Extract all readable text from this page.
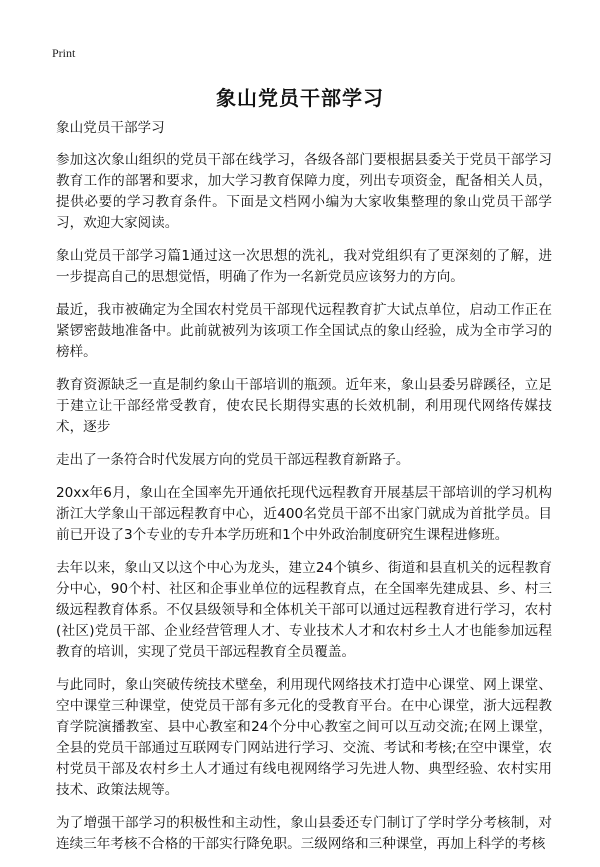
Print
象山党员干部学习

象山党员干部学习

参加这次象山组织的党员干部在线学习，各级各部门要根据县委关于党员干部学习教育工作的部署和要求，加大学习教育保障力度，列出专项资金，配备相关人员，提供必要的学习教育条件。下面是文档网小编为大家收集整理的象山党员干部学习，欢迎大家阅读。

象山党员干部学习篇1通过这一次思想的洗礼，我对党组织有了更深刻的了解，进一步提高自己的思想觉悟，明确了作为一名新党员应该努力的方向。

最近，我市被确定为全国农村党员干部现代远程教育扩大试点单位，启动工作正在紧锣密鼓地准备中。此前就被列为该项工作全国试点的象山经验，成为全市学习的榜样。

教育资源缺乏一直是制约象山干部培训的瓶颈。近年来，象山县委另辟蹊径，立足于建立让干部经常受教育，使农民长期得实惠的长效机制，利用现代网络传媒技术，逐步

走出了一条符合时代发展方向的党员干部远程教育新路子。

20xx年6月，象山在全国率先开通依托现代远程教育开展基层干部培训的学习机构浙江大学象山干部远程教育中心，近400名党员干部不出家门就成为首批学员。目前已开设了3个专业的专升本学历班和1个中外政治制度研究生课程进修班。

去年以来，象山又以这个中心为龙头，建立24个镇乡、街道和县直机关的远程教育分中心，90个村、社区和企事业单位的远程教育点，在全国率先建成县、乡、村三级远程教育体系。不仅县级领导和全体机关干部可以通过远程教育进行学习，农村(社区)党员干部、企业经营管理人才、专业技术人才和农村乡土人才也能参加远程教育的培训，实现了党员干部远程教育全员覆盖。

与此同时，象山突破传统技术壁垒，利用现代网络技术打造中心课堂、网上课堂、空中课堂三种课堂，使党员干部有多元化的受教育平台。在中心课堂，浙大远程教育学院演播教室、县中心教室和24个分中心教室之间可以互动交流;在网上课堂，全县的党员干部通过互联网专门网站进行学习、交流、考试和考核;在空中课堂，农村党员干部及农村乡土人才通过有线电视网络学习先进人物、典型经验、农村实用技术、政策法规等。

为了增强干部学习的积极性和主动性，象山县委还专门制订了学时学分考核制，对连续三年考核不合格的干部实行降免职。三级网络和三种课堂，再加上科学的考核
